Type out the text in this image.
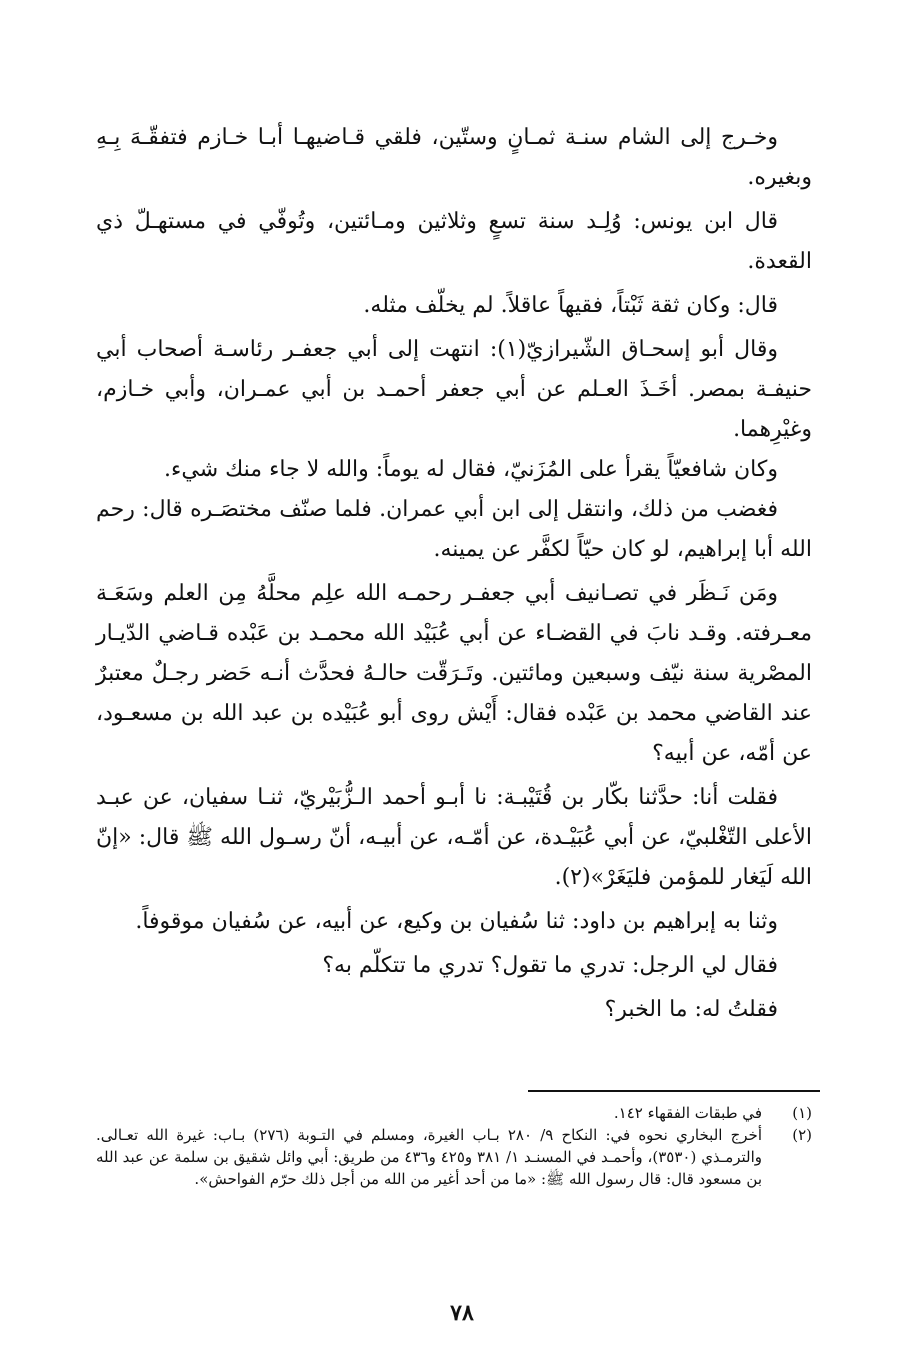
وخـرج إلى الشام سنـة ثمـانٍ وستّين، فلقي قـاضيهـا أبـا خـازم فتفقّـهَ بِـهِ وبغيره.

قال ابن يونس: وُلِـد سنة تسعٍ وثلاثين ومـائتين، وتُوفّي في مستهـلّ ذي القعدة.

قال: وكان ثقة ثَبْتاً، فقيهاً عاقلاً. لم يخلّف مثله.

وقال أبو إسحـاق الشّيرازيّ(١): انتهت إلى أبي جعفـر رئاسـة أصحاب أبي حنيفـة بمصر. أخَـذَ العـلم عن أبي جعفر أحمـد بن أبي عمـران، وأبي خـازم، وغيْرِهما.

وكان شافعيّاً يقرأ على المُزَنيّ، فقال له يوماً: والله لا جاء منك شيء.

فغضب من ذلك، وانتقل إلى ابن أبي عمران. فلما صنّف مختصَـره قال: رحم الله أبا إبراهيم، لو كان حيّاً لكفَّر عن يمينه.

ومَن نَـظَر في تصـانيف أبي جعفـر رحمـه الله علِم محلَّهُ مِن العلم وسَعَـة معـرفته. وقـد نابَ في القضـاء عن أبي عُبَيْد الله محمـد بن عَبْده قـاضي الدّيـار المصْرية سنة نيّف وسبعين ومائتين. وتَـرَقّت حالـهُ فحدَّث أنـه حَضر رجـلٌ معتبرٌ عند القاضي محمد بن عَبْده فقال: أَيْش روى أبو عُبَيْده بن عبد الله بن مسعـود، عن أمّه، عن أبيه؟

فقلت أنا: حدَّثنا بكّار بن قُتَيْبـة: نا أبـو أحمد الـزُّبَيْريّ، ثنـا سفيان، عن عبـد الأعلى التّغْلبيّ، عن أبي عُبَيْـدة، عن أمّـه، عن أبيـه، أنّ رسـول الله ﷺ قال: «إنّ الله لَيَغار للمؤمن فليَغَرْ»(٢).

وثنا به إبراهيم بن داود: ثنا سُفيان بن وكيع، عن أبيه، عن سُفيان موقوفاً.

فقال لي الرجل: تدري ما تقول؟ تدري ما تتكلّم به؟

فقلتُ له: ما الخبر؟

(١)
في طبقات الفقهاء ١٤٢.
(٢)
أخرج البخاري نحوه في: النكاح ٩/ ٢٨٠ بـاب الغيرة، ومسلم في التـوبة (٢٧٦) بـاب: غيرة الله تعـالى. والترمـذي (٣٥٣٠)، وأحمـد في المسنـد ١/ ٣٨١ و٤٢٥ و٤٣٦ من طريق: أبي وائل شقيق بن سلمة عن عبد الله بن مسعود قال: قال رسول الله ﷺ: «ما من أحد أغير من الله من أجل ذلك حرّم الفواحش».
٧٨
